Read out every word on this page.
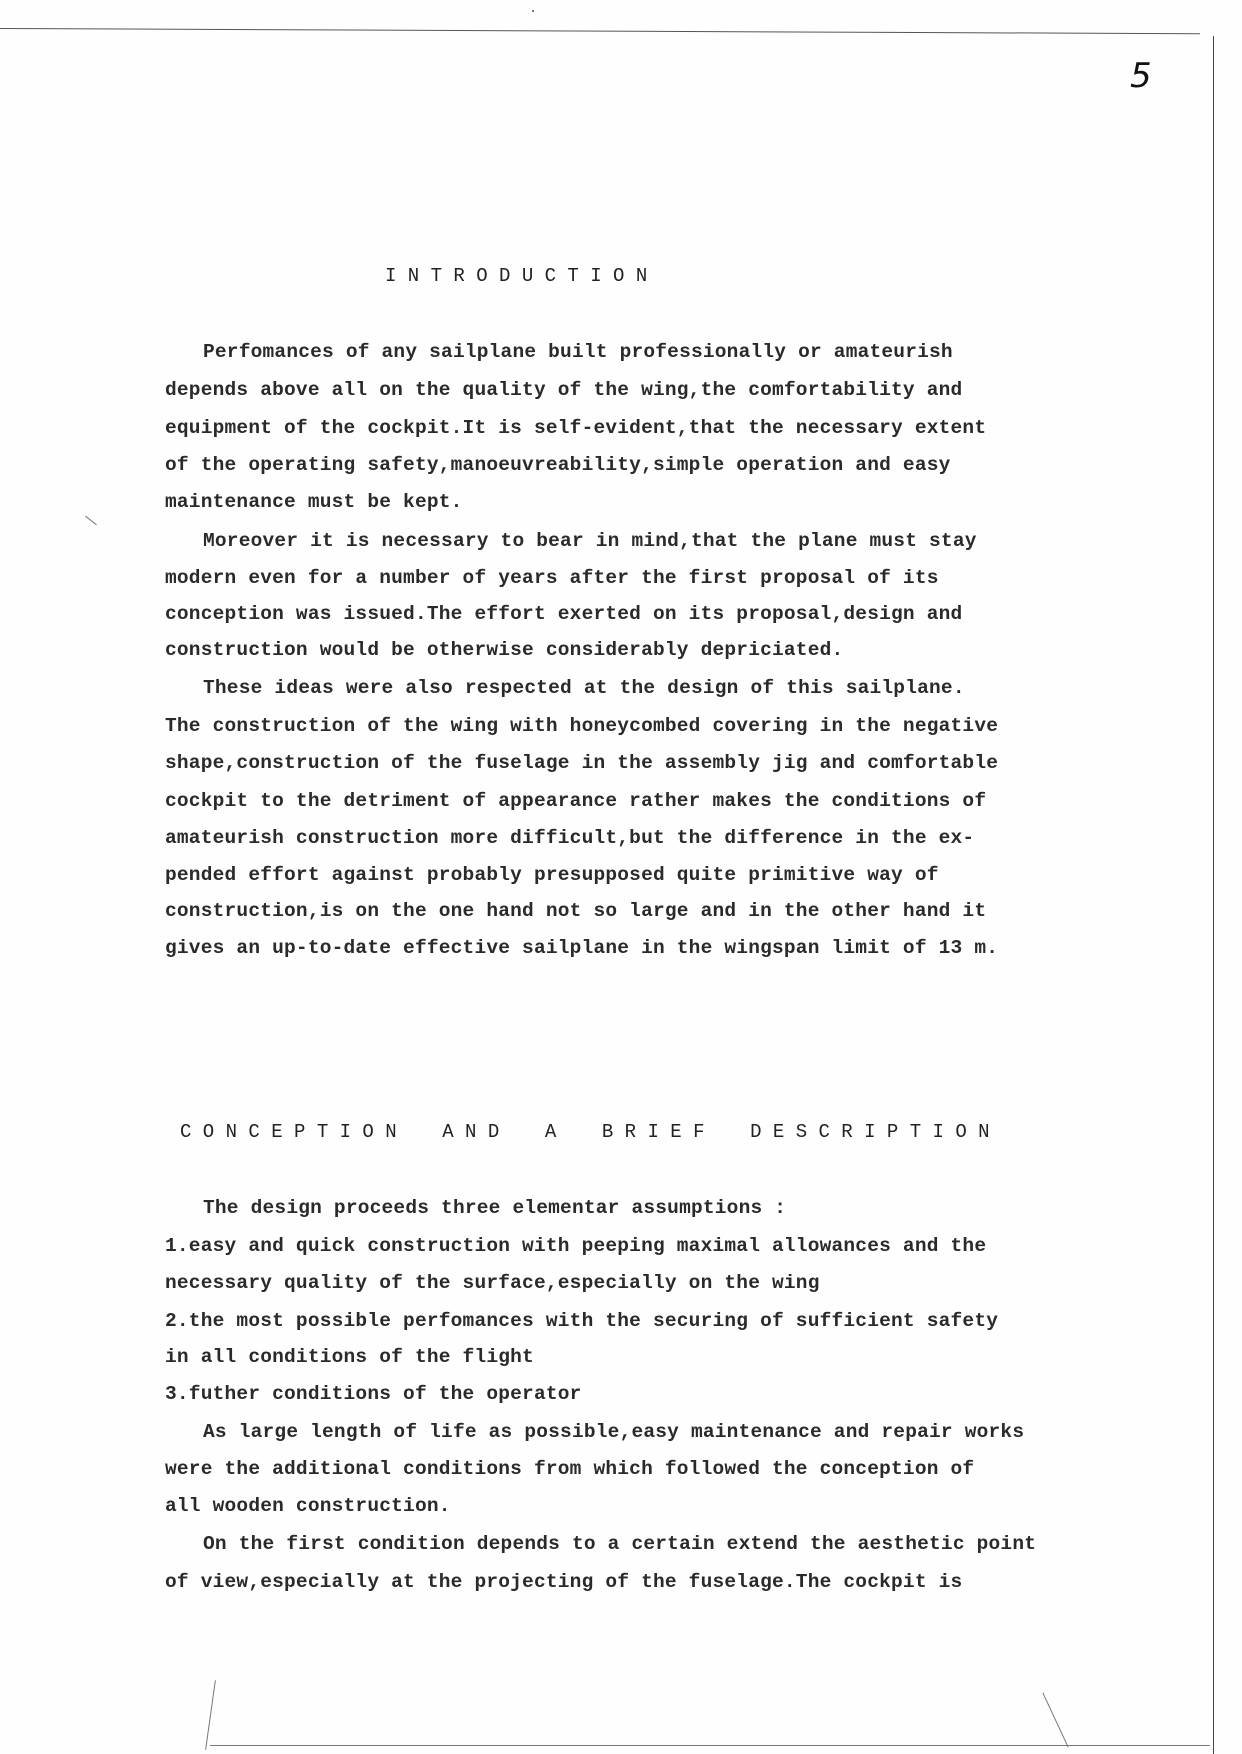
5
I N T R O D U C T I O N
Perfomances of any sailplane built professionally or amateurish
depends above all on the quality of the wing,the comfortability and
equipment of the cockpit.It is self-evident,that the necessary extent
of the operating safety,manoeuvreability,simple operation and easy
maintenance must be kept.
Moreover it is necessary to bear in mind,that the plane must stay
modern even for a number of years after the first proposal of its
conception was issued.The effort exerted on its proposal,design and
construction would be otherwise considerably depriciated.
These ideas were also respected at the design of this sailplane.
The construction of the wing with honeycombed covering in the negative
shape,construction of the fuselage in the assembly jig and comfortable
cockpit to the detriment of appearance rather makes the conditions of
amateurish construction more difficult,but the difference in the ex-
pended effort against probably presupposed quite primitive way of
construction,is on the one hand not so large and in the other hand it
gives an up-to-date effective sailplane in the wingspan limit of 13 m.
C O N C E P T I O N    A N D    A    B R I E F    D E S C R I P T I O N
The design proceeds three elementar assumptions :
1.easy and quick construction with peeping maximal allowances and the
necessary quality of the surface,especially on the wing
2.the most possible perfomances with the securing of sufficient safety
in all conditions of the flight
3.futher conditions of the operator
As large length of life as possible,easy maintenance and repair works
were the additional conditions from which followed the conception of
all wooden construction.
On the first condition depends to a certain extend the aesthetic point
of view,especially at the projecting of the fuselage.The cockpit is
